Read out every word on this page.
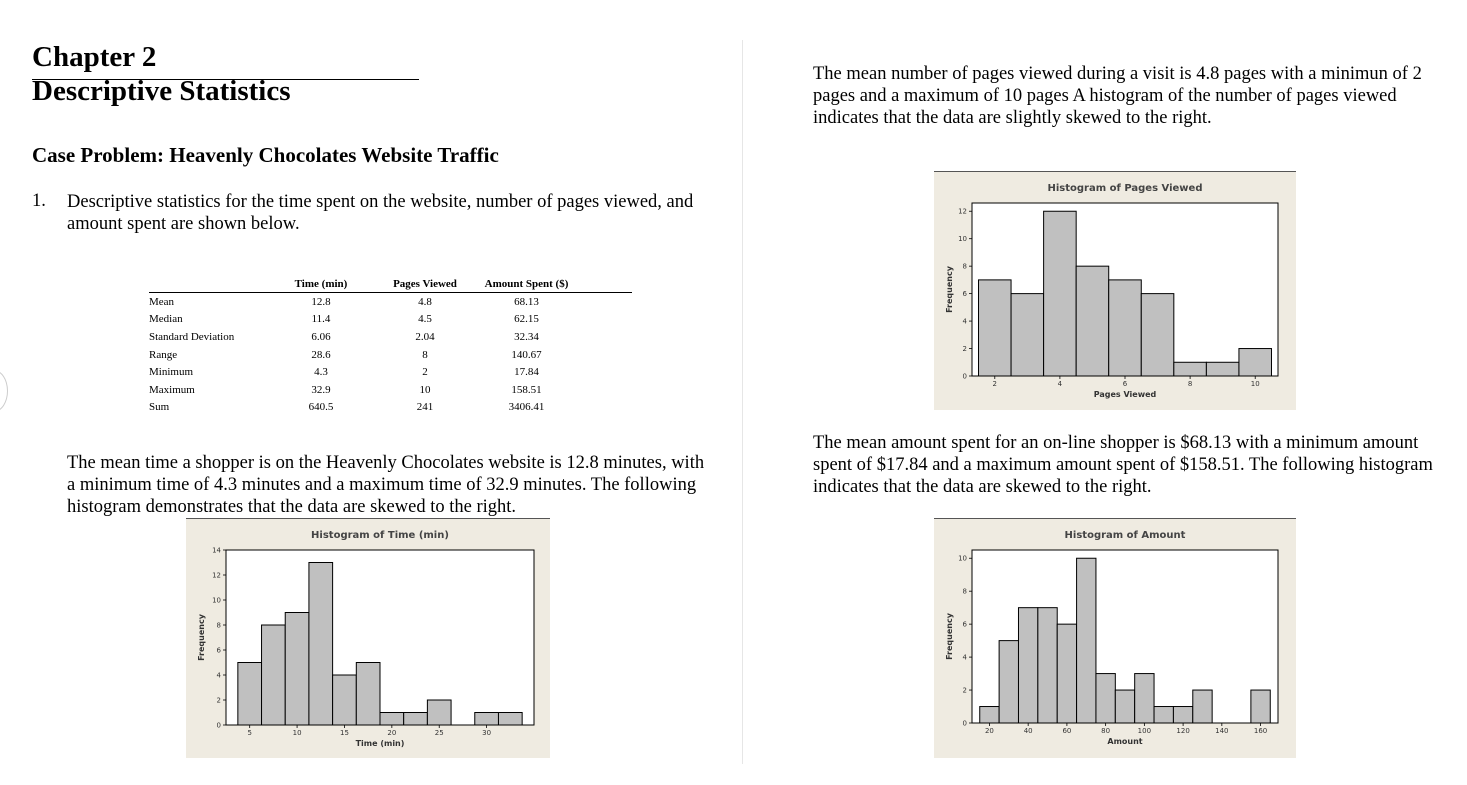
Chapter 2
Descriptive Statistics
Case Problem: Heavenly Chocolates Website Traffic
1. Descriptive statistics for the time spent on the website, number of pages viewed, and amount spent are shown below.
	Time (min)	Pages Viewed	Amount Spent ($)	
Mean	12.8	4.8	68.13	
Median	11.4	4.5	62.15	
Standard Deviation	6.06	2.04	32.34	
Range	28.6	8	140.67	
Minimum	4.3	2	17.84	
Maximum	32.9	10	158.51	
Sum	640.5	241	3406.41	
The mean time a shopper is on the Heavenly Chocolates website is 12.8 minutes, with a minimum time of 4.3 minutes and a maximum time of 32.9 minutes. The following histogram demonstrates that the data are skewed to the right.
Histogram of Time (min)
0
2
4
6
8
10
12
14
5	10	15	20	25	30
Time (min)
Frequency
The mean number of pages viewed during a visit is 4.8 pages with a minimun of 2 pages and a maximum of 10 pages A histogram of the number of pages viewed indicates that the data are slightly skewed to the right.
Histogram of Pages Viewed
0
2
4
6
8
10
12
2	4	6	8	10
Pages Viewed
Frequency
The mean amount spent for an on-line shopper is $68.13 with a minimum amount spent of $17.84 and a maximum amount spent of $158.51. The following histogram indicates that the data are skewed to the right.
Histogram of Amount
0
2
4
6
8
10
20	40	60	80	100	120	140	160
Amount
Frequency
